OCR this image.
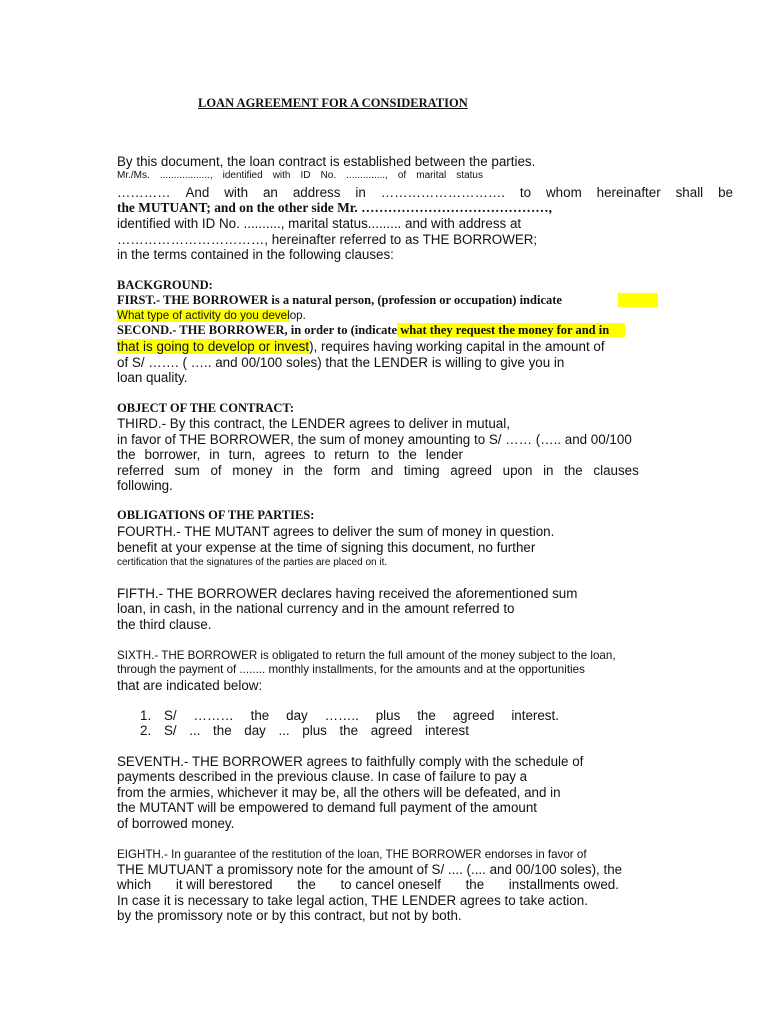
LOAN AGREEMENT FOR A CONSIDERATION
By this document, the loan contract is established between the parties.
Mr./Ms. .................., identified with ID No. .............., of marital status
………… And with an address in ………………………. to whom hereinafter shall be
the MUTUANT; and on the other side Mr. ……………………………………,
identified with ID No. .........., marital status......... and with address at
……………………………, hereinafter referred to as THE BORROWER;
in the terms contained in the following clauses:
BACKGROUND:
FIRST.- THE BORROWER is a natural person, (profession or occupation) indicate
What type of activity do you develop.
SECOND.- THE BORROWER, in order to (indicate what they request the money for and in
that is going to develop or invest), requires having working capital in the amount of
of S/ ……. ( ….. and 00/100 soles) that the LENDER is willing to give you in
loan quality.
OBJECT OF THE CONTRACT:
THIRD.- By this contract, the LENDER agrees to deliver in mutual,
in favor of THE BORROWER, the sum of money amounting to S/ …… (….. and 00/100
the borrower, in turn, agrees to return to the lender
referred sum of money in the form and timing agreed upon in the clauses
following.
OBLIGATIONS OF THE PARTIES:
FOURTH.- THE MUTANT agrees to deliver the sum of money in question.
benefit at your expense at the time of signing this document, no further
certification that the signatures of the parties are placed on it.
FIFTH.- THE BORROWER declares having received the aforementioned sum
loan, in cash, in the national currency and in the amount referred to
the third clause.
SIXTH.- THE BORROWER is obligated to return the full amount of the money subject to the loan,
through the payment of ........ monthly installments, for the amounts and at the opportunities
that are indicated below:
1. S/ ……… the day …….. plus the agreed interest.
2. S/ ... the day ... plus the agreed interest
SEVENTH.- THE BORROWER agrees to faithfully comply with the schedule of
payments described in the previous clause. In case of failure to pay a
from the armies, whichever it may be, all the others will be defeated, and in
the MUTANT will be empowered to demand full payment of the amount
of borrowed money.
EIGHTH.- In guarantee of the restitution of the loan, THE BORROWER endorses in favor of
THE MUTUANT a promissory note for the amount of S/ .... (.... and 00/100 soles), the
which it will berestored the to cancel oneself the installments owed.
In case it is necessary to take legal action, THE LENDER agrees to take action.
by the promissory note or by this contract, but not by both.
